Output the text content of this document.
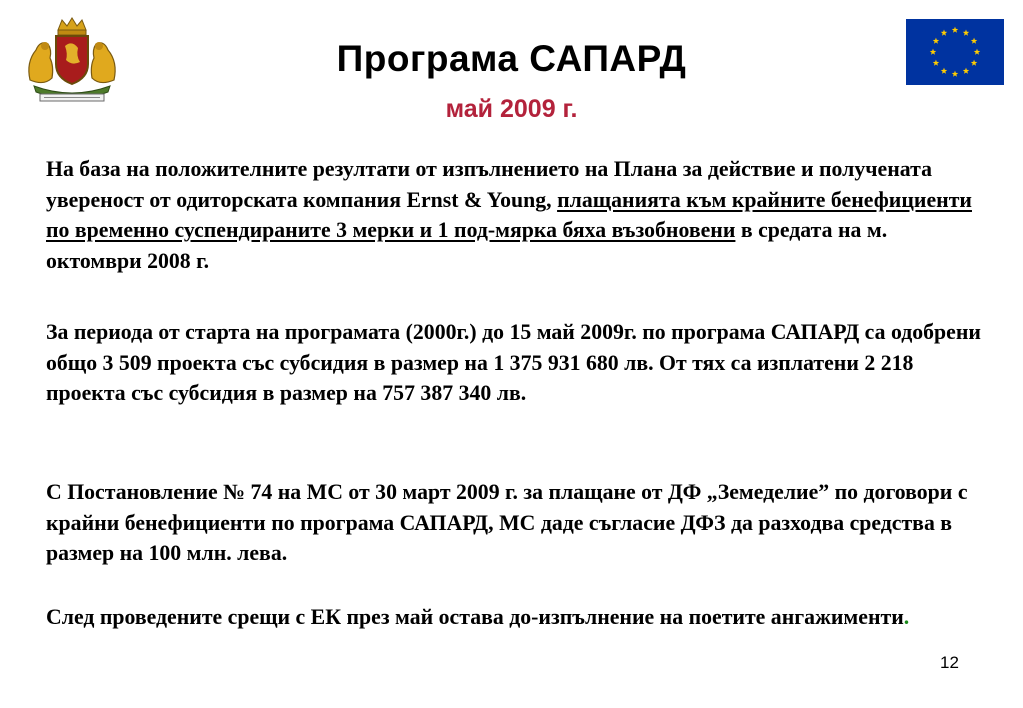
Програма САПАРД
май 2009 г.

На база на положителните резултати от изпълнението на Плана за действие и получената увереност от одиторската компания Ernst & Young, плащанията към крайните бенефициенти по временно суспендираните 3 мерки и 1 под-мярка бяха възобновени в средата на м. октомври 2008 г.

За периода от старта на програмата (2000г.) до 15 май 2009г. по програма САПАРД са одобрени общо 3 509 проекта със субсидия в размер на 1 375 931 680 лв. От тях са изплатени 2 218 проекта със субсидия в размер на 757 387 340 лв.

С Постановление № 74 на МС от 30 март 2009 г. за плащане от ДФ „Земеделие” по договори с крайни бенефициенти по програма САПАРД, МС даде съгласие ДФЗ да разходва средства в размер на 100 млн. лева.

След проведените срещи с ЕК през май остава до-изпълнение на поетите ангажименти.

12
